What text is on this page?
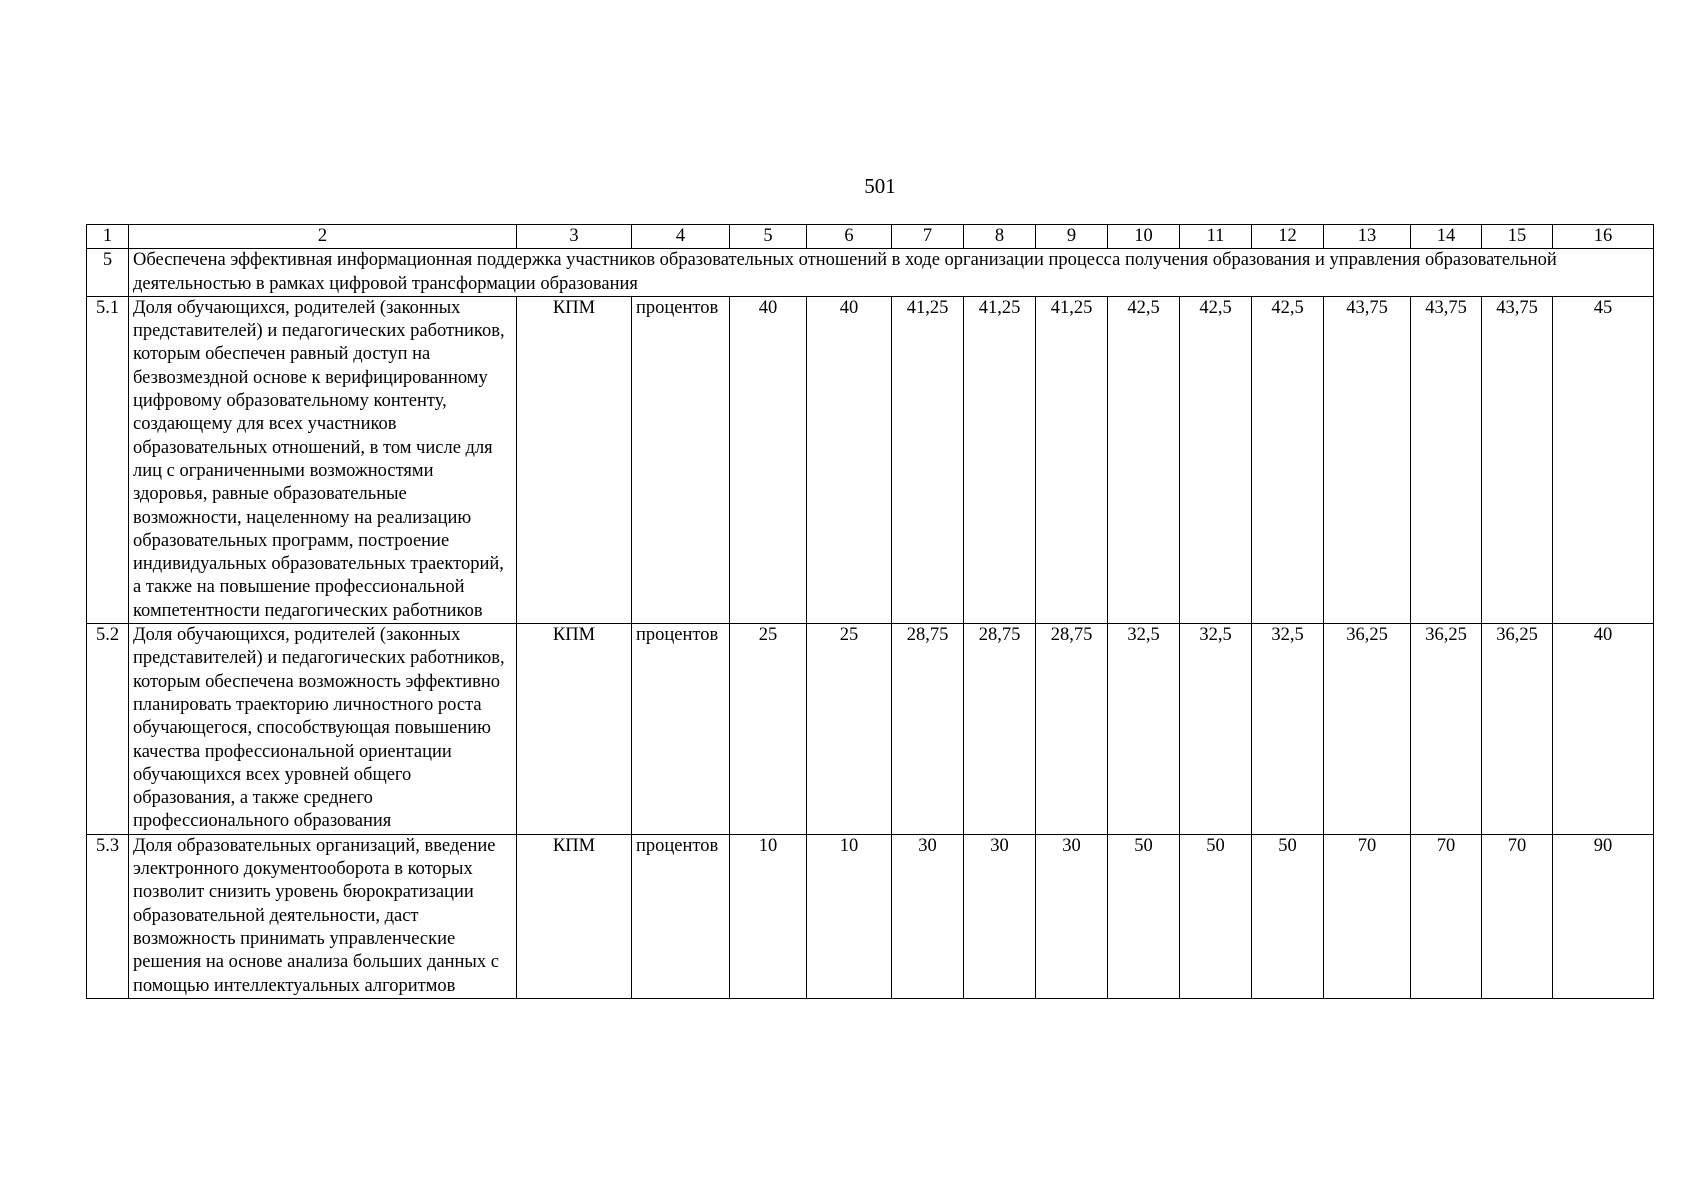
501
1	2	3	4	5	6	7	8	9	10	11	12	13	14	15	16
5	Обеспечена эффективная информационная поддержка участников образовательных отношений в ходе организации процесса получения образования и управления образовательной деятельностью в рамках цифровой трансформации образования														
5.1	Доля обучающихся, родителей (законных представителей) и педагогических работников, которым обеспечен равный доступ на безвозмездной основе к верифицированному цифровому образовательному контенту, создающему для всех участников образовательных отношений, в том числе для лиц с ограниченными возможностями здоровья, равные образовательные возможности, нацеленному на реализацию образовательных программ, построение индивидуальных образовательных траекторий, а также на повышение профессиональной компетентности педагогических работников	КПМ	процентов	40	40	41,25	41,25	41,25	42,5	42,5	42,5	43,75	43,75	43,75	45
5.2	Доля обучающихся, родителей (законных представителей) и педагогических работников, которым обеспечена возможность эффективно планировать траекторию личностного роста обучающегося, способствующая повышению качества профессиональной ориентации обучающихся всех уровней общего образования, а также среднего профессионального образования	КПМ	процентов	25	25	28,75	28,75	28,75	32,5	32,5	32,5	36,25	36,25	36,25	40
5.3	Доля образовательных организаций, введение электронного документооборота в которых позволит снизить уровень бюрократизации образовательной деятельности, даст возможность принимать управленческие решения на основе анализа больших данных с помощью интеллектуальных алгоритмов	КПМ	процентов	10	10	30	30	30	50	50	50	70	70	70	90
